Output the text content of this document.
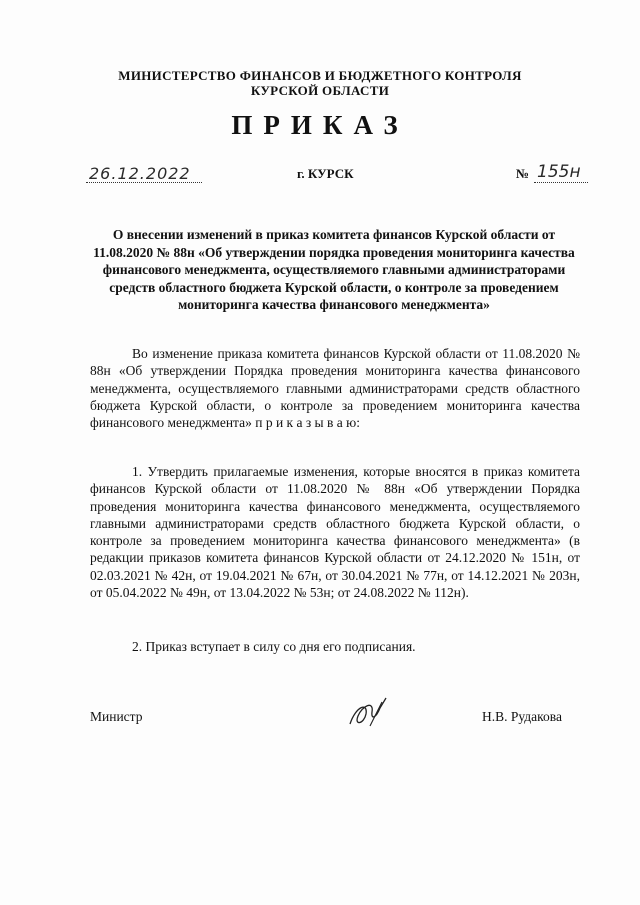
МИНИСТЕРСТВО ФИНАНСОВ И БЮДЖЕТНОГО КОНТРОЛЯ
КУРСКОЙ ОБЛАСТИ
ПРИКАЗ
26.12.2022	г. КУРСК	№ 155н
О внесении изменений в приказ комитета финансов Курской области от 11.08.2020 № 88н «Об утверждении порядка проведения мониторинга качества финансового менеджмента, осуществляемого главными администраторами средств областного бюджета Курской области, о контроле за проведением мониторинга качества финансового менеджмента»

Во изменение приказа комитета финансов Курской области от 11.08.2020 № 88н «Об утверждении Порядка проведения мониторинга качества финансового менеджмента, осуществляемого главными администраторами средств областного бюджета Курской области, о контроле за проведением мониторинга качества финансового менеджмента» п р и к а з ы в а ю:

1. Утвердить прилагаемые изменения, которые вносятся в приказ комитета финансов Курской области от 11.08.2020 № 88н «Об утверждении Порядка проведения мониторинга качества финансового менеджмента, осуществляемого главными администраторами средств областного бюджета Курской области, о контроле за проведением мониторинга качества финансового менеджмента» (в редакции приказов комитета финансов Курской области от 24.12.2020 № 151н, от 02.03.2021 № 42н, от 19.04.2021 № 67н, от 30.04.2021 № 77н, от 14.12.2021 № 203н, от 05.04.2022 № 49н, от 13.04.2022 № 53н; от 24.08.2022 № 112н).

2. Приказ вступает в силу со дня его подписания.

Министр	Н.В. Рудакова
